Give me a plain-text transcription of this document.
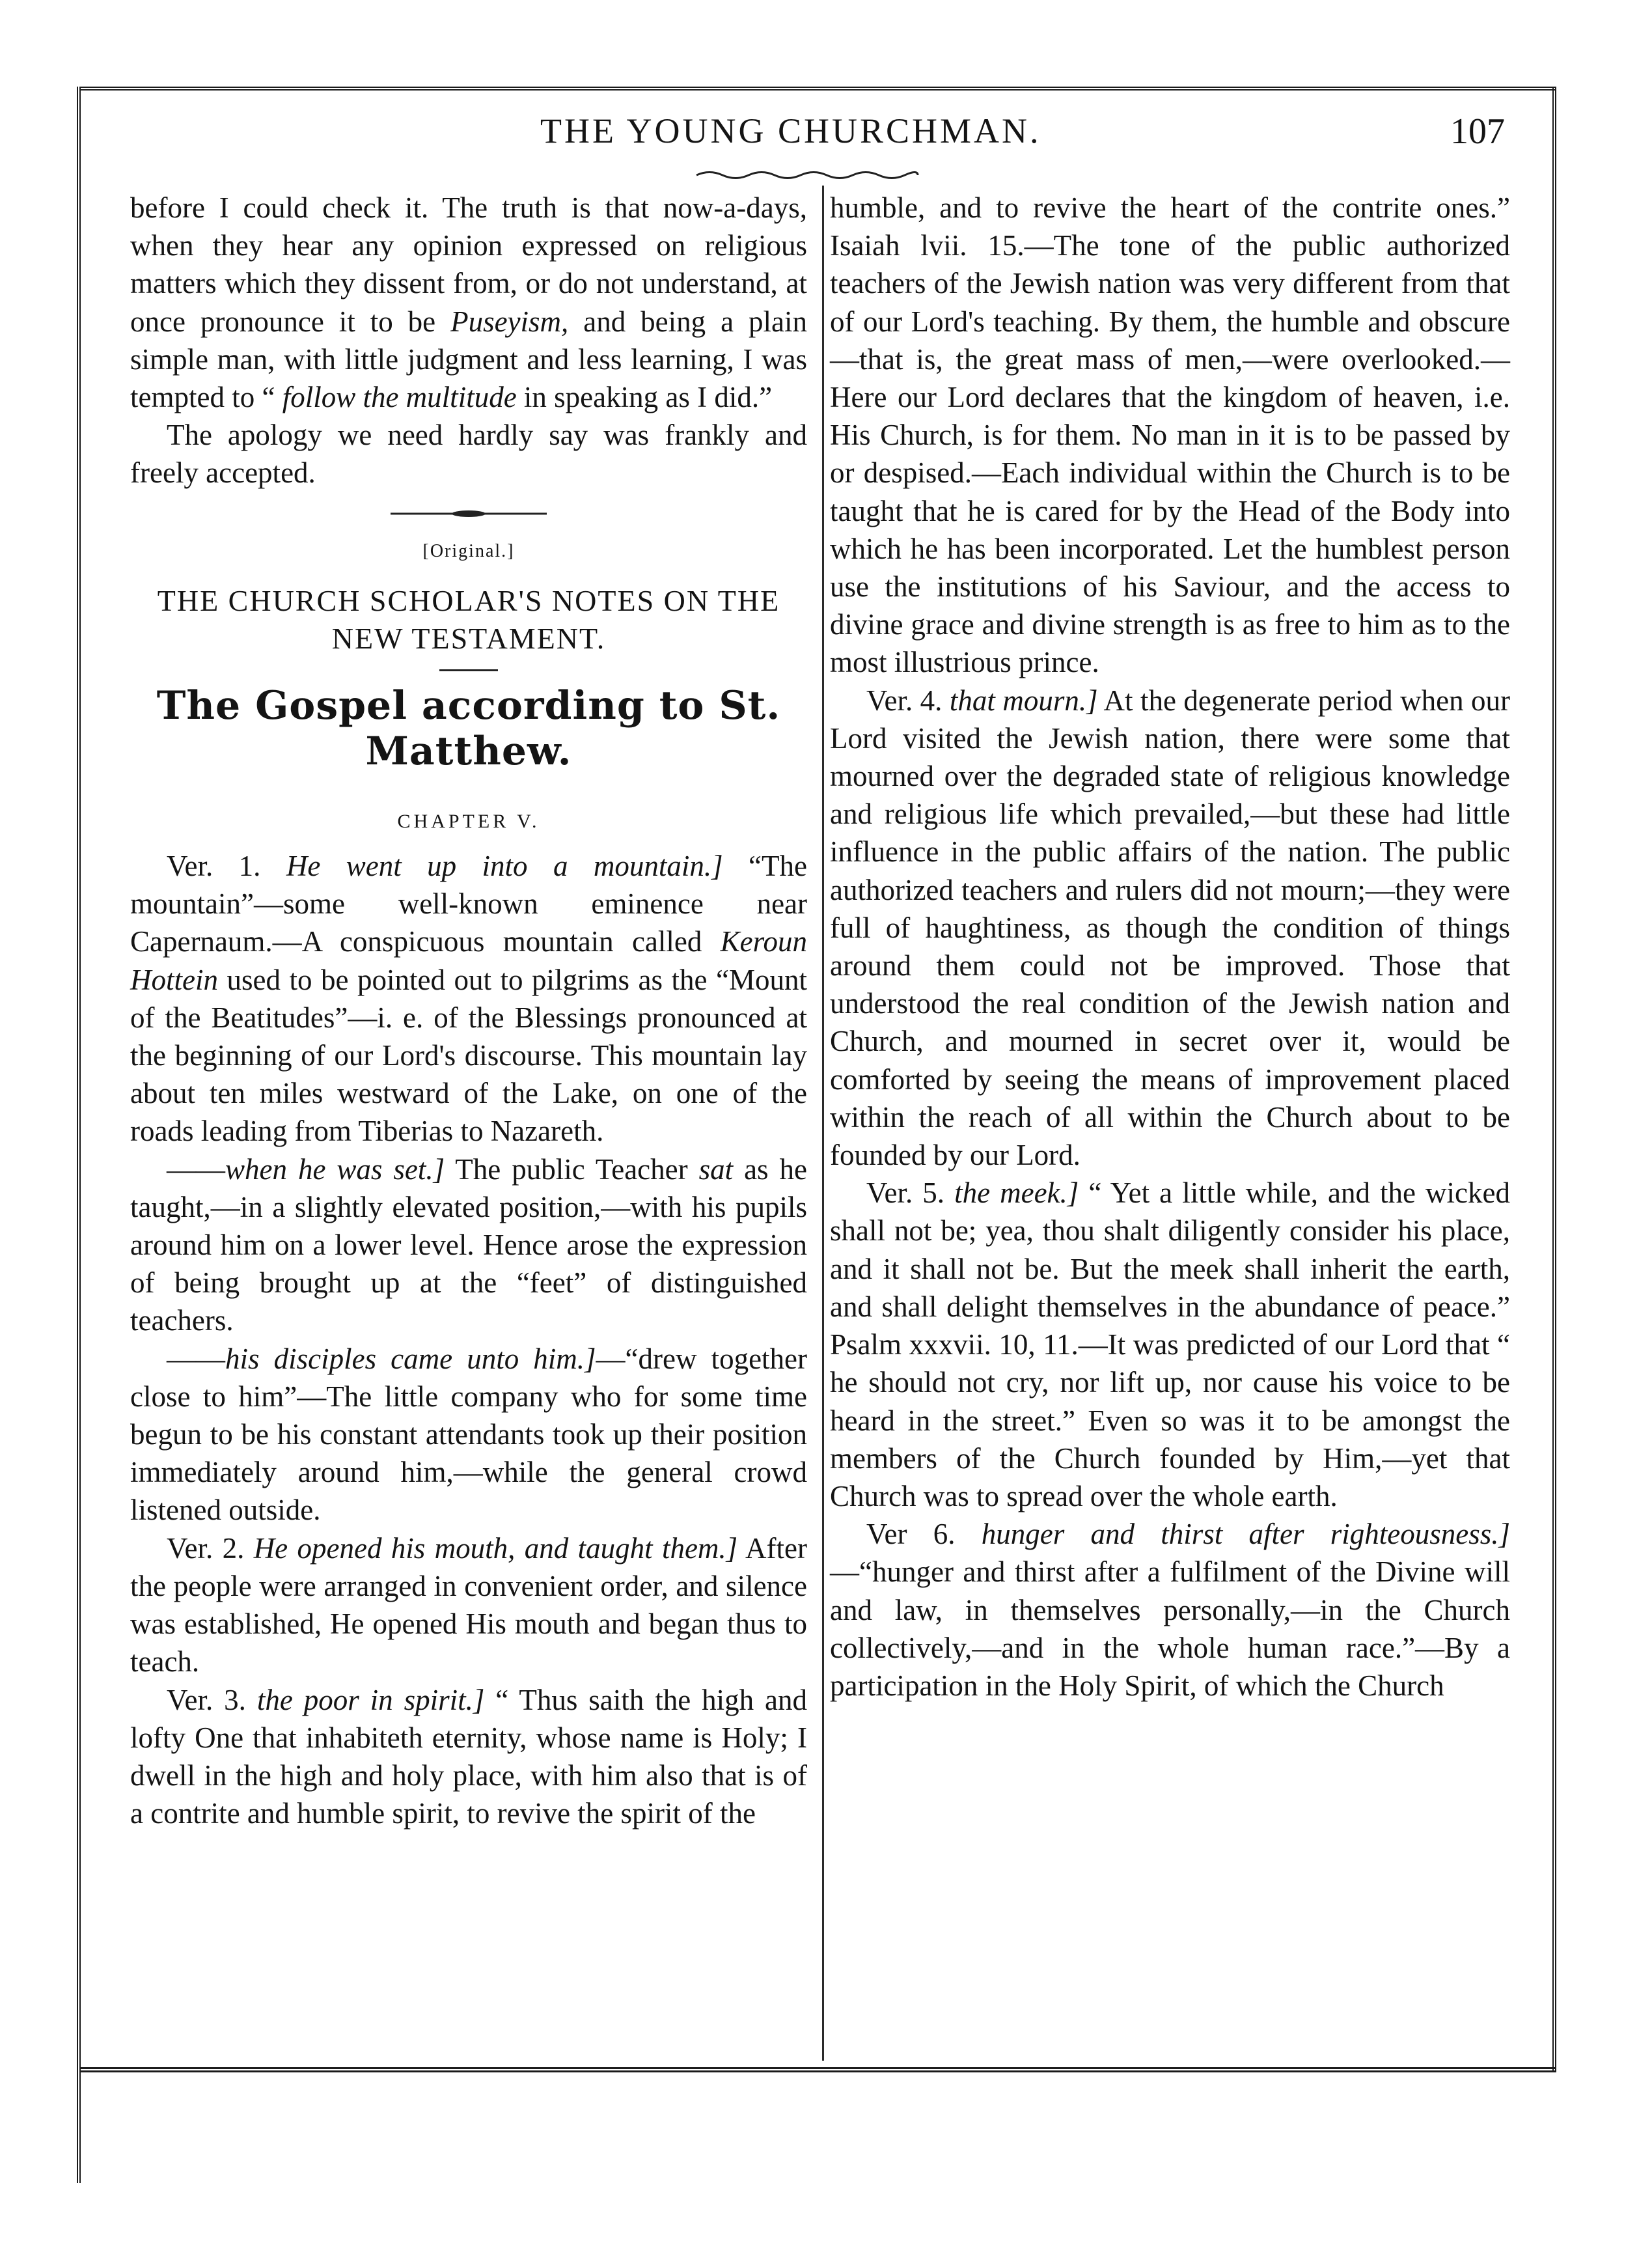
THE YOUNG CHURCHMAN.	107

before I could check it. The truth is that now-a-days, when they hear any opinion expressed on religious matters which they dissent from, or do not understand, at once pronounce it to be Puseyism, and being a plain simple man, with little judgment and less learning, I was tempted to “ follow the multitude in speaking as I did.”

The apology we need hardly say was frankly and freely accepted.

[Original.]
THE CHURCH SCHOLAR'S NOTES ON THE NEW TESTAMENT.
The Gospel according to St. Matthew.
CHAPTER V.

Ver. 1. He went up into a mountain.] “The mountain”—some well-known eminence near Capernaum.—A conspicuous mountain called Keroun Hottein used to be pointed out to pilgrims as the “Mount of the Beatitudes”—i. e. of the Blessings pronounced at the beginning of our Lord's discourse. This mountain lay about ten miles westward of the Lake, on one of the roads leading from Tiberias to Nazareth.

——when he was set.] The public Teacher sat as he taught,—in a slightly elevated position,—with his pupils around him on a lower level. Hence arose the expression of being brought up at the “feet” of distinguished teachers.

——his disciples came unto him.]—“drew together close to him”—The little company who for some time begun to be his constant attendants took up their position immediately around him,—while the general crowd listened outside.

Ver. 2. He opened his mouth, and taught them.] After the people were arranged in convenient order, and silence was established, He opened His mouth and began thus to teach.

Ver. 3. the poor in spirit.] “ Thus saith the high and lofty One that inhabiteth eternity, whose name is Holy; I dwell in the high and holy place, with him also that is of a contrite and humble spirit, to revive the spirit of the

humble, and to revive the heart of the contrite ones.” Isaiah lvii. 15.—The tone of the public authorized teachers of the Jewish nation was very different from that of our Lord's teaching. By them, the humble and obscure—that is, the great mass of men,—were overlooked.—Here our Lord declares that the kingdom of heaven, i.e. His Church, is for them. No man in it is to be passed by or despised.—Each individual within the Church is to be taught that he is cared for by the Head of the Body into which he has been incorporated. Let the humblest person use the institutions of his Saviour, and the access to divine grace and divine strength is as free to him as to the most illustrious prince.

Ver. 4. that mourn.] At the degenerate period when our Lord visited the Jewish nation, there were some that mourned over the degraded state of religious knowledge and religious life which prevailed,—but these had little influence in the public affairs of the nation. The public authorized teachers and rulers did not mourn;—they were full of haughtiness, as though the condition of things around them could not be improved. Those that understood the real condition of the Jewish nation and Church, and mourned in secret over it, would be comforted by seeing the means of improvement placed within the reach of all within the Church about to be founded by our Lord.

Ver. 5. the meek.] “ Yet a little while, and the wicked shall not be; yea, thou shalt diligently consider his place, and it shall not be. But the meek shall inherit the earth, and shall delight themselves in the abundance of peace.” Psalm xxxvii. 10, 11.—It was predicted of our Lord that “ he should not cry, nor lift up, nor cause his voice to be heard in the street.” Even so was it to be amongst the members of the Church founded by Him,—yet that Church was to spread over the whole earth.

Ver 6. hunger and thirst after righteousness.]—“hunger and thirst after a fulfilment of the Divine will and law, in themselves personally,—in the Church collectively,—and in the whole human race.”—By a participation in the Holy Spirit, of which the Church
